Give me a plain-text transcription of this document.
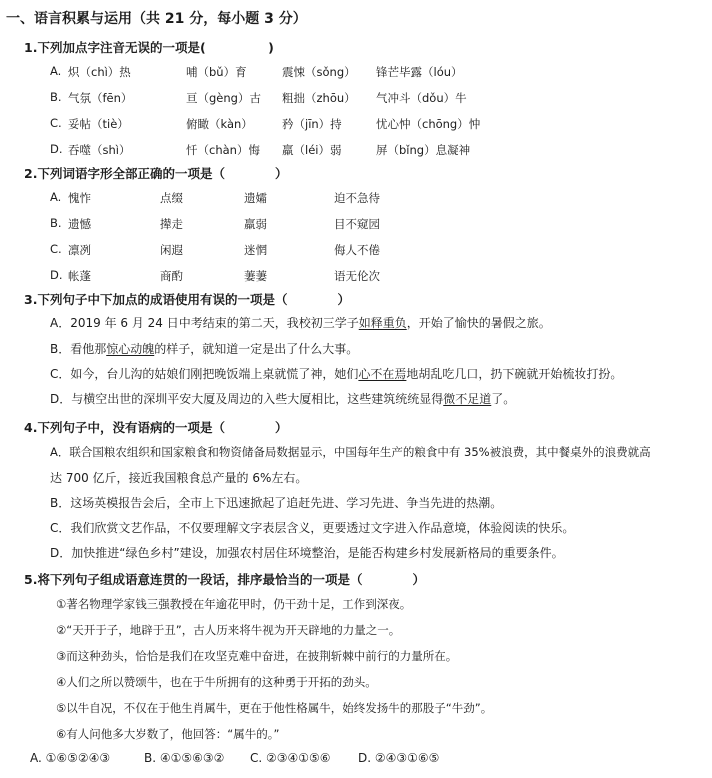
一、语言积累与运用（共 21 分，每小题 3 分）
1.下列加点字注音无误的一项是(　　　　　)
A. 炽（chì）热	哺（bǔ）育	震悚（sǒng） 锋芒毕露（lóu）
B. 气氛（fēn）	亘（gèng）古 粗拙（zhōu） 气冲斗（dǒu）牛
C. 妥帖（tiè）	俯瞰（kàn）	矜（jīn）持	忧心忡（chōng）忡
D. 吞噬（shì）	忏（chàn）悔 羸（léi）弱	屏（bǐng）息凝神
2.下列词语字形全部正确的一项是（　　　　）
A. 愧怍	点缀	遗孀	迫不急待
B. 遗憾	撵走	羸弱	目不窥园
C. 凛冽	闲遐	迷惘	侮人不倦
D. 帐蓬	商酌	萋萋	语无伦次
3.下列句子中下加点的成语使用有误的一项是（　　　　）
A．2019 年 6 月 24 日中考结束的第二天，我校初三学子如释重负，开始了愉快的暑假之旅。
B．看他那惊心动魄的样子，就知道一定是出了什么大事。
C．如今，台儿沟的姑娘们刚把晚饭端上桌就慌了神，她们心不在焉地胡乱吃几口，扔下碗就开始梳妆打扮。
D．与横空出世的深圳平安大厦及周边的入些大厦相比，这些建筑统统显得微不足道了。
4.下列句子中，没有语病的一项是（　　　　）
A．联合国粮农组织和国家粮食和物资储备局数据显示，中国每年生产的粮食中有 35%被浪费，其中餐桌外的浪费就高
达 700 亿斤，接近我国粮食总产量的 6%左右。
B．这场英模报告会后，全市上下迅速掀起了追赶先进、学习先进、争当先进的热潮。
C．我们欣赏文艺作品，不仅要理解文字表层含义，更要透过文字进入作品意境，体验阅读的快乐。
D．加快推进“绿色乡村”建设，加强农村居住环境整治，是能否构建乡村发展新格局的重要条件。
5.将下列句子组成语意连贯的一段话，排序最恰当的一项是（　　　　）
①著名物理学家钱三强教授在年逾花甲时，仍干劲十足，工作到深夜。
②“天开于子，地辟于丑”，古人历来将牛视为开天辟地的力量之一。
③而这种劲头，恰恰是我们在攻坚克难中奋进，在披荆斩棘中前行的力量所在。
④人们之所以赞颂牛，也在于牛所拥有的这种勇于开拓的劲头。
⑤以牛自况，不仅在于他生肖属牛，更在于他性格属牛，始终发扬牛的那股子“牛劲”。
⑥有人问他多大岁数了，他回答：“属牛的。”
A. ①⑥⑤②④③	B. ④①⑤⑥③② C. ②③④①⑤⑥ D. ②④③①⑥⑤
